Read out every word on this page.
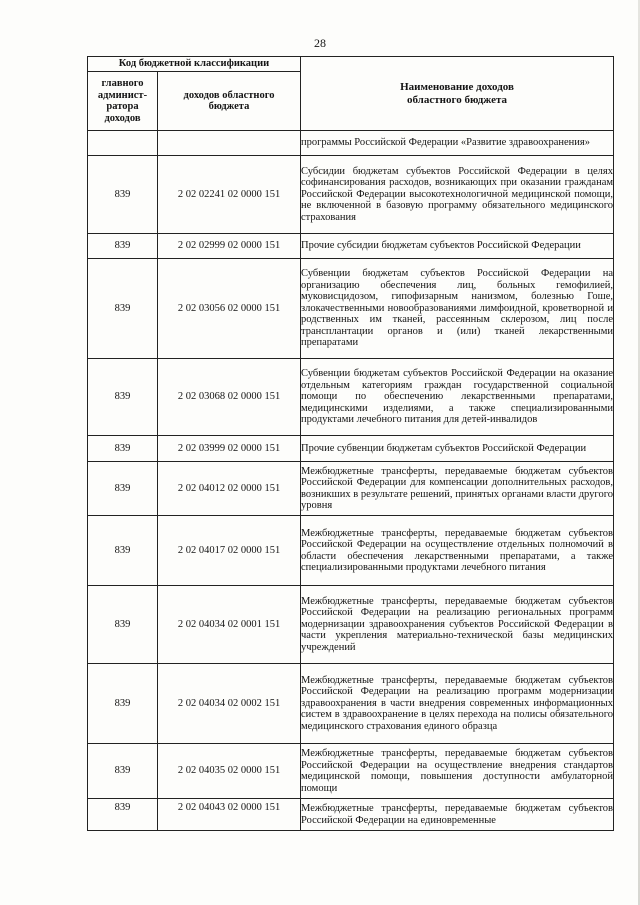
28
Код бюджетной классификации		Наименование доходов областного бюджета
главного админист-ратора доходов	доходов областного бюджета	

		программы Российской Федерации «Развитие здравоохранения»

839	2 02 02241 02 0000 151	Субсидии бюджетам субъектов Российской Федерации в целях софинансирования расходов, возникающих при оказании гражданам Российской Федерации высокотехнологичной медицинской помощи, не включенной в базовую программу обязательного медицинского страхования

839	2 02 02999 02 0000 151	Прочие субсидии бюджетам субъектов Российской Федерации

839	2 02 03056 02 0000 151	Субвенции бюджетам субъектов Российской Федерации на организацию обеспечения лиц, больных гемофилией, муковисцидозом, гипофизарным нанизмом, болезнью Гоше, злокачественными новообразованиями лимфоидной, кроветворной и родственных им тканей, рассеянным склерозом, лиц после трансплантации органов и (или) тканей лекарственными препаратами

839	2 02 03068 02 0000 151	Субвенции бюджетам субъектов Российской Федерации на оказание отдельным категориям граждан государственной социальной помощи по обеспечению лекарственными препаратами, медицинскими изделиями, а также специализированными продуктами лечебного питания для детей-инвалидов

839	2 02 03999 02 0000 151	Прочие субвенции бюджетам субъектов Российской Федерации

839	2 02 04012 02 0000 151	Межбюджетные трансферты, передаваемые бюджетам субъектов Российской Федерации для компенсации дополнительных расходов, возникших в результате решений, принятых органами власти другого уровня

839	2 02 04017 02 0000 151	Межбюджетные трансферты, передаваемые бюджетам субъектов Российской Федерации на осуществление отдельных полномочий в области обеспечения лекарственными препаратами, а также специализированными продуктами лечебного питания

839	2 02 04034 02 0001 151	Межбюджетные трансферты, передаваемые бюджетам субъектов Российской Федерации на реализацию региональных программ модернизации здравоохранения субъектов Российской Федерации в части укрепления материально-технической базы медицинских учреждений

839	2 02 04034 02 0002 151	Межбюджетные трансферты, передаваемые бюджетам субъектов Российской Федерации на реализацию программ модернизации здравоохранения в части внедрения современных информационных систем в здравоохранение в целях перехода на полисы обязательного медицинского страхования единого образца

839	2 02 04035 02 0000 151	Межбюджетные трансферты, передаваемые бюджетам субъектов Российской Федерации на осуществление внедрения стандартов медицинской помощи, повышения доступности амбулаторной помощи

839	2 02 04043 02 0000 151	Межбюджетные трансферты, передаваемые бюджетам субъектов Российской Федерации на единовременные
